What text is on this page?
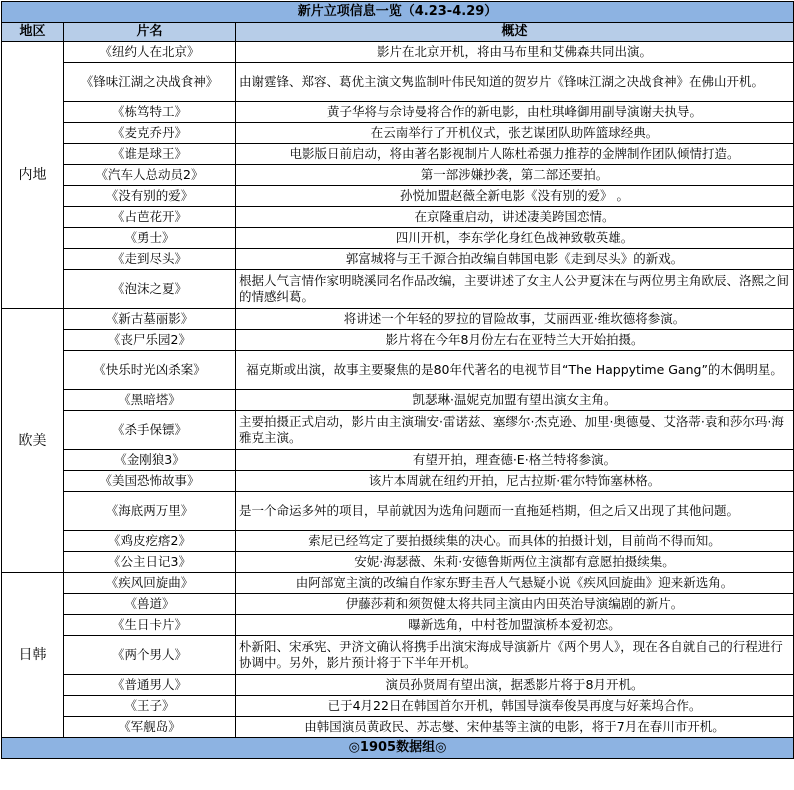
新片立项信息一览（4.23-4.29）		
地区	片名	概述
内地	《纽约人在北京》	影片在北京开机，将由马布里和艾佛森共同出演。
	《锋味江湖之决战食神》	由谢霆锋、郑容、葛优主演文隽监制叶伟民知道的贺岁片《锋味江湖之决战食神》在佛山开机。
	《栋笃特工》	黄子华将与佘诗曼将合作的新电影，由杜琪峰御用副导演谢夫执导。
	《麦克乔丹》	在云南举行了开机仪式，张艺谋团队助阵篮球经典。
	《谁是球王》	电影版日前启动，将由著名影视制片人陈杜希强力推荐的金牌制作团队倾情打造。
	《汽车人总动员2》	第一部涉嫌抄袭，第二部还要拍。
	《没有别的爱》	孙悦加盟赵薇全新电影《没有别的爱》 。
	《占芭花开》	在京隆重启动，讲述凄美跨国恋情。
	《勇士》	四川开机，李东学化身红色战神致敬英雄。
	《走到尽头》	郭富城将与王千源合拍改编自韩国电影《走到尽头》的新戏。
	《泡沫之夏》	根据人气言情作家明晓溪同名作品改编，主要讲述了女主人公尹夏沫在与两位男主角欧辰、洛熙之间的情感纠葛。
欧美	《新古墓丽影》	将讲述一个年轻的罗拉的冒险故事，艾丽西亚·维坎德将参演。
	《丧尸乐园2》	影片将在今年8月份左右在亚特兰大开始拍摄。
	《快乐时光凶杀案》	福克斯或出演，故事主要聚焦的是80年代著名的电视节目“The Happytime Gang”的木偶明星。
	《黑暗塔》	凯瑟琳·温妮克加盟有望出演女主角。
	《杀手保镖》	主要拍摄正式启动，影片由主演瑞安·雷诺兹、塞缪尔·杰克逊、加里·奥德曼、艾洛蒂·袁和莎尔玛·海雅克主演。
	《金刚狼3》	有望开拍，理查德·E·格兰特将参演。
	《美国恐怖故事》	该片本周就在纽约开拍，尼古拉斯·霍尔特饰塞林格。
	《海底两万里》	是一个命运多舛的项目，早前就因为选角问题而一直拖延档期，但之后又出现了其他问题。
	《鸡皮疙瘩2》	索尼已经笃定了要拍摄续集的决心。而具体的拍摄计划，目前尚不得而知。
	《公主日记3》	安妮·海瑟薇、朱莉·安德鲁斯两位主演都有意愿拍摄续集。
日韩	《疾风回旋曲》	由阿部宽主演的改编自作家东野圭吾人气悬疑小说《疾风回旋曲》迎来新选角。
	《兽道》	伊藤莎莉和须贺健太将共同主演由内田英治导演编剧的新片。
	《生日卡片》	曝新选角，中村苍加盟演桥本爱初恋。
	《两个男人》	朴新阳、宋承宪、尹济文确认将携手出演宋海成导演新片《两个男人》，现在各自就自己的行程进行协调中。另外，影片预计将于下半年开机。
	《普通男人》	演员孙贤周有望出演，据悉影片将于8月开机。
	《王子》	已于4月22日在韩国首尔开机，韩国导演奉俊昊再度与好莱坞合作。
	《军舰岛》	由韩国演员黄政民、苏志燮、宋仲基等主演的电影，将于7月在春川市开机。
◎1905数据组◎		
